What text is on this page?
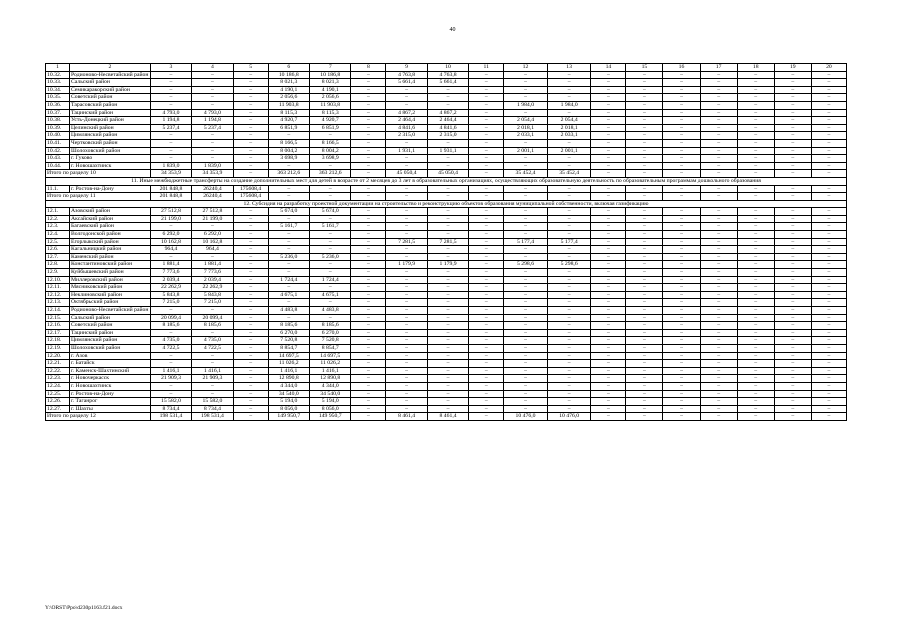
40
1	2	3	4	5	6	7	8	9	10	11	12	13	14	15	16	17	18	19	20
10.32.	Родионово-Несветайский район	–	–	–	10 186,8	10 186,8	–	4 763,8	4 763,8	–	–	–	–	–	–	–	–	–	–
10.33.	Сальский район	–	–	–	8 021,3	8 021,3	–	5 661,4	5 661,4	–	–	–	–	–	–	–	–	–	–
10.34.	Семикаракорский район	–	–	–	4 190,1	4 190,1	–	–	–	–	–	–	–	–	–	–	–	–	–
10.35.	Советский район	–	–	–	2 056,6	2 056,6	–	–	–	–	–	–	–	–	–	–	–	–	–
10.36.	Тарасовский район	–	–	–	11 903,8	11 903,8	–	–	–	–	1 984,0	1 984,0	–	–	–	–	–	–	–
10.37.	Тацинский район	4 793,0	4 793,0	–	8 115,3	8 115,3	–	4 867,2	4 867,2	–	–	–	–	–	–	–	–	–	–
10.38.	Усть-Донецкий район	1 194,8	1 194,8	–	4 920,7	4 920,7	–	2 464,4	2 464,4	–	2 054,4	2 054,4	–	–	–	–	–	–	–
10.39.	Целинский район	5 237,4	5 237,4	–	6 851,9	6 851,9	–	4 841,6	4 841,6	–	2 018,1	2 018,1	–	–	–	–	–	–	–
10.40.	Цимлянский район	–	–	–	–	–	–	2 315,0	2 315,0	–	2 033,1	2 033,1	–	–	–	–	–	–	–
10.41.	Чертковский район	–	–	–	8 166,5	8 166,5	–	–	–	–	–	–	–	–	–	–	–	–	–
10.42.	Шолоховский район	–	–	–	8 004,2	8 004,2	–	1 931,1	1 931,1	–	2 001,1	2 001,1	–	–	–	–	–	–	–
10.43.	г. Гуково	–	–	–	3 698,9	3 698,9	–	–	–	–	–	–	–	–	–	–	–	–	–
10.44.	г. Новошахтинск	1 839,0	1 839,0	–	–	–	–	–	–	–	–	–	–	–	–	–	–	–	–
Итого по разделу 10		34 353,9	34 353,9	–	363 212,6	363 212,6	–	45 050,4	45 050,4	–	35 452,4	35 452,4	–	–	–	–	–	–	–
11. Иные межбюджетные трансферты на создание дополнительных мест для детей в возрасте от 2 месяцев до 3 лет в образовательных организациях, осуществляющих образовательную деятельность по образовательным программам дошкольного образования																			
11.1.	г. Ростов-на-Дону	201 848,8	26240,4	175608,4	–	–	–	–	–	–	–	–	–	–	–	–	–	–	–
Итого по разделу 11		201 848,8	26240,4	175608,4	–	–	–	–	–	–	–	–	–	–	–	–	–	–	–
12. Субсидия на разработку проектной документации на строительство и реконструкцию объектов образования муниципальной собственности, включая газификацию																			
12.1.	Азовский район	27 512,8	27 512,8	–	5 674,0	5 674,0	–	–	–	–	–	–	–	–	–	–	–	–	–
12.2.	Аксайский район	21 199,0	21 199,0	–	–	–	–	–	–	–	–	–	–	–	–	–	–	–	–
12.3.	Багаевский район	–	–	–	5 161,7	5 161,7	–	–	–	–	–	–	–	–	–	–	–	–	–
12.4.	Волгодонской район	6 292,0	6 292,0	–	–	–	–	–	–	–	–	–	–	–	–	–	–	–	–
12.5.	Егорлыкский район	10 162,8	10 162,8	–	–	–	–	7 281,5	7 281,5	–	5 177,4	5 177,4	–	–	–	–	–	–	–
12.6.	Кагальницкий район	964,4	964,4	–	–	–	–	–	–	–	–	–	–	–	–	–	–	–	–
12.7.	Каменский район	–	–	–	5 236,0	5 236,0	–	–	–	–	–	–	–	–	–	–	–	–	–
12.8.	Константиновский район	1 881,4	1 881,4	–	–	–	–	1 179,9	1 179,9	–	5 298,6	5 298,6	–	–	–	–	–	–	–
12.9.	Куйбышевский район	7 773,6	7 773,6	–	–	–	–	–	–	–	–	–	–	–	–	–	–	–	–
12.10.	Миллеровский район	2 039,4	2 039,4	–	1 724,4	1 724,4	–	–	–	–	–	–	–	–	–	–	–	–	–
12.11.	Мясниковский район	22 262,9	22 262,9	–	–	–	–	–	–	–	–	–	–	–	–	–	–	–	–
12.12.	Неклиновский район	5 843,8	5 843,8	–	4 675,1	4 675,1	–	–	–	–	–	–	–	–	–	–	–	–	–
12.13.	Октябрьский район	7 215,0	7 215,0	–	–	–	–	–	–	–	–	–	–	–	–	–	–	–	–
12.14.	Родионово-Несветайский район	–	–	–	4 483,8	4 483,8	–	–	–	–	–	–	–	–	–	–	–	–	–
12.15.	Сальский район	20 099,4	20 099,4	–	–	–	–	–	–	–	–	–	–	–	–	–	–	–	–
12.16.	Советский район	8 185,6	8 185,6	–	8 185,6	8 185,6	–	–	–	–	–	–	–	–	–	–	–	–	–
12.17.	Тацинский район	–	–	–	6 270,0	6 270,0	–	–	–	–	–	–	–	–	–	–	–	–	–
12.18.	Цимлянский район	4 735,0	4 735,0	–	7 520,8	7 520,8	–	–	–	–	–	–	–	–	–	–	–	–	–
12.19.	Шолоховский район	4 722,5	4 722,5	–	8 854,7	8 854,7	–	–	–	–	–	–	–	–	–	–	–	–	–
12.20.	г. Азов	–	–	–	14 697,5	14 697,5	–	–	–	–	–	–	–	–	–	–	–	–	–
12.21.	г. Батайск	–	–	–	11 026,2	11 026,2	–	–	–	–	–	–	–	–	–	–	–	–	–
12.22.	г. Каменск-Шахтинский	1 416,1	1 416,1	–	1 416,1	1 416,1	–	–	–	–	–	–	–	–	–	–	–	–	–
12.23.	г. Новочеркасск	21 909,3	21 909,3	–	12 890,8	12 890,8	–	–	–	–	–	–	–	–	–	–	–	–	–
12.24.	г. Новошахтинск	–	–	–	4 344,0	4 344,0	–	–	–	–	–	–	–	–	–	–	–	–	–
12.25.	г. Ростов-на-Дону	–	–	–	34 540,0	34 540,0	–	–	–	–	–	–	–	–	–	–	–	–	–
12.26.	г. Таганрог	15 582,0	15 582,0	–	5 194,0	5 194,0	–	–	–	–	–	–	–	–	–	–	–	–	–
12.27.	г. Шахты	8 734,4	8 734,4	–	8 056,0	8 056,0	–	–	–	–	–	–	–	–	–	–	–	–	–
Итого по разделу 12		198 531,4	198 531,4	–	149 950,7	149 950,7	–	8 461,4	8 461,4	–	10 476,0	10 476,0	–	–	–	–	–	–	–
Y:\ORST\Ppo\d230p1163.f21.docx
